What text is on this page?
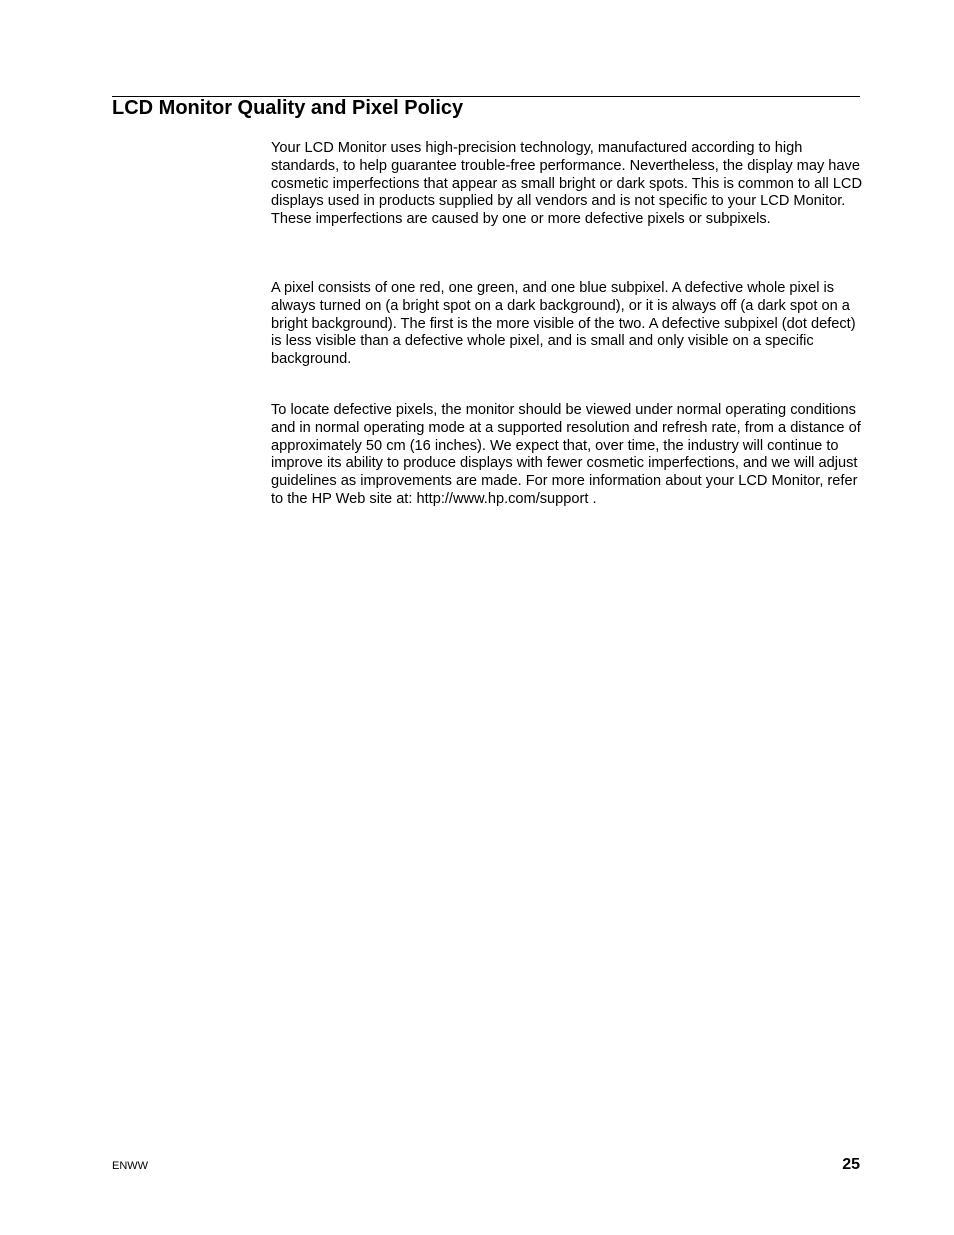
LCD Monitor Quality and Pixel Policy

Your LCD Monitor uses high-precision technology, manufactured according to high standards, to help guarantee trouble-free performance. Nevertheless, the display may have cosmetic imperfections that appear as small bright or dark spots. This is common to all LCD displays used in products supplied by all vendors and is not specific to your LCD Monitor. These imperfections are caused by one or more defective pixels or subpixels.

A pixel consists of one red, one green, and one blue subpixel. A defective whole pixel is always turned on (a bright spot on a dark background), or it is always off (a dark spot on a bright background). The first is the more visible of the two. A defective subpixel (dot defect) is less visible than a defective whole pixel, and is small and only visible on a specific background.

To locate defective pixels, the monitor should be viewed under normal operating conditions and in normal operating mode at a supported resolution and refresh rate, from a distance of approximately 50 cm (16 inches). We expect that, over time, the industry will continue to improve its ability to produce displays with fewer cosmetic imperfections, and we will adjust guidelines as improvements are made. For more information about your LCD Monitor, refer to the HP Web site at: http://www.hp.com/support .

ENWW	25
